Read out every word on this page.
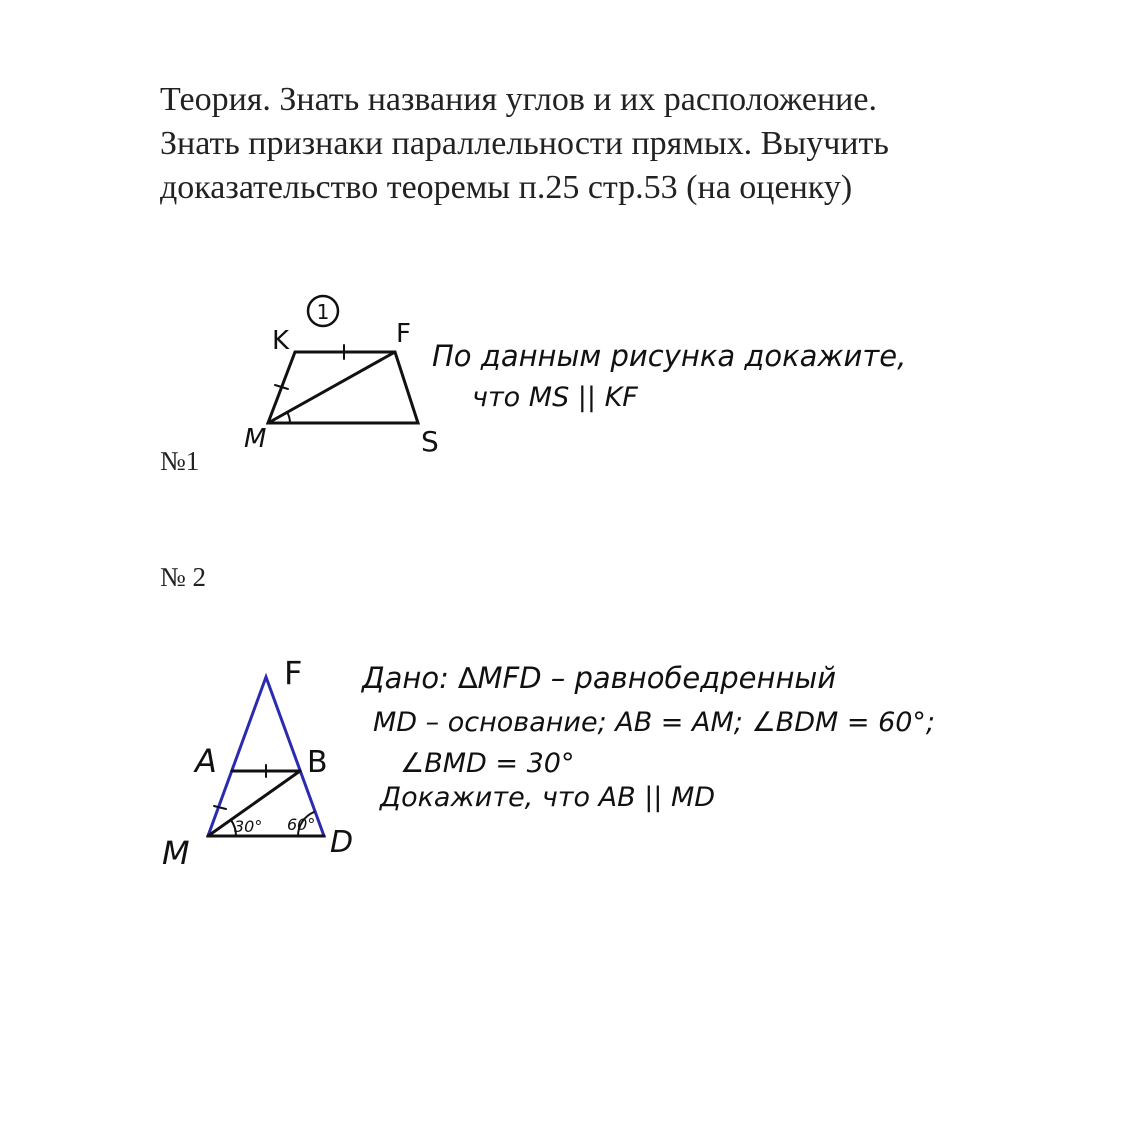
Теория. Знать названия углов и их расположение.
Знать признаки параллельности прямых. Выучить
доказательство теоремы п.25 стр.53 (на оценку)
№1
№ 2
1
K	F
M	S
По данным рисунка докажите,
что MS || KF
30° 60°
F
A	B
M	D
Дано: ∆MFD – равнобедренный
MD – основание; AB = AM; ∠BDM = 60°;
∠BMD = 30°
Докажите, что AB || MD
